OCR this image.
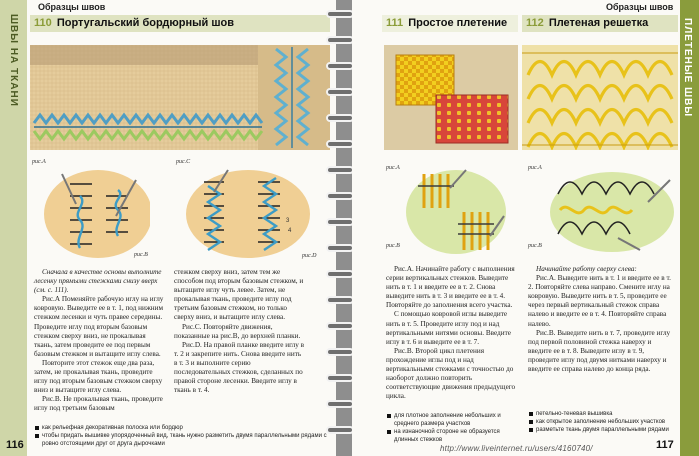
ШВЫ НА ТКАНИ
Образцы швов
110 Португальский бордюрный шов
рис.A
рис.B
рис.C
3
4
рис.D

Сначала в качестве основы выполните лесенку прямыми стежками снизу вверх (см. с. 111).

Рис.А Поменяйте рабочую иглу на иглу ковровую. Выведите ее в т. 1, под нижним стежком лесенки и чуть правее середины. Проведите иглу под вторым базовым стежком сверху вниз, не прокалывая ткань, затем проведите ее под первым базовым стежком и вытащите иглу слева.

Повторите этот стежок еще два раза, затем, не прокалывая ткань, проведите иглу под вторым базовым стежком сверху вниз и вытащите иглу слева.

Рис.В. Не прокалывая ткань, проведите иглу под третьим базовым

стежком сверху вниз, затем тем же способом под вторым базовым стежком, и вытащите иглу чуть левее. Затем, не прокалывая ткань, проведите иглу под третьим базовым стежком, но только сверху вниз, и вытащите иглу слева.

Рис.С. Повторяйте движения, показанные на рис.В, до верхней планки.

Рис.D. На правой планке введите иглу в т. 2 и закрепите нить. Снова введите нить в т. 3 и выполните серию последовательных стежков, сделанных по правой стороне лесенки. Введите иглу в ткань в т. 4.

как рельефная декоративная полоска или бордюр
чтобы придать вышивке упорядоченный вид, ткань нужно разметить двумя параллельными рядами с ровно отстоящими друг от друга дырочками
116
Образцы швов
111 Простое плетение	112 Плетеная решетка
рис.A
рис.B
рис.A
рис.B

Рис.А. Начинайте работу с выполнения серии вертикальных стежков. Выведите нить в т. 1 и введите ее в т. 2. Снова выведите нить в т. 3 и введите ее в т. 4. Повторяйте до заполнения всего участка.

С помощью ковровой иглы выведите нить в т. 5. Проведите иглу под и над вертикальными нитями основы. Введите иглу в т. 6 и выведите ее в т. 7.

Рис.В. Второй цикл плетения прохождение иглы под и над вертикальными стежками с точностью до наоборот должно повторить соответствующие движения предыдущего цикла.

Начинайте работу сверху слева:

Рис.А. Выведите нить в т. 1 и введите ее в т. 2. Повторяйте слева направо. Смените иглу на ковровую. Выведите нить в т. 5, проведите ее через первый вертикальный стежок справа налево и введите ее в т. 4. Повторяйте справа налево.

Рис.В. Выведите нить в т. 7, проведите иглу под первой половиной стежка наверху и введите ее в т. 8. Выведите иглу в т. 9, проведите иглу под двумя нитками наверху и введите ее справа налево до конца ряда.

для плотное заполнение небольших и среднего размера участков
на изнаночной стороне не образуется длинных стежков
петельно-теневая вышивка
как открытое заполнение небольших участков
разметьте ткань двумя параллельными рядами
117
ПЛЕТЕНЫЕ ШВЫ
http://www.liveinternet.ru/users/4160740/
